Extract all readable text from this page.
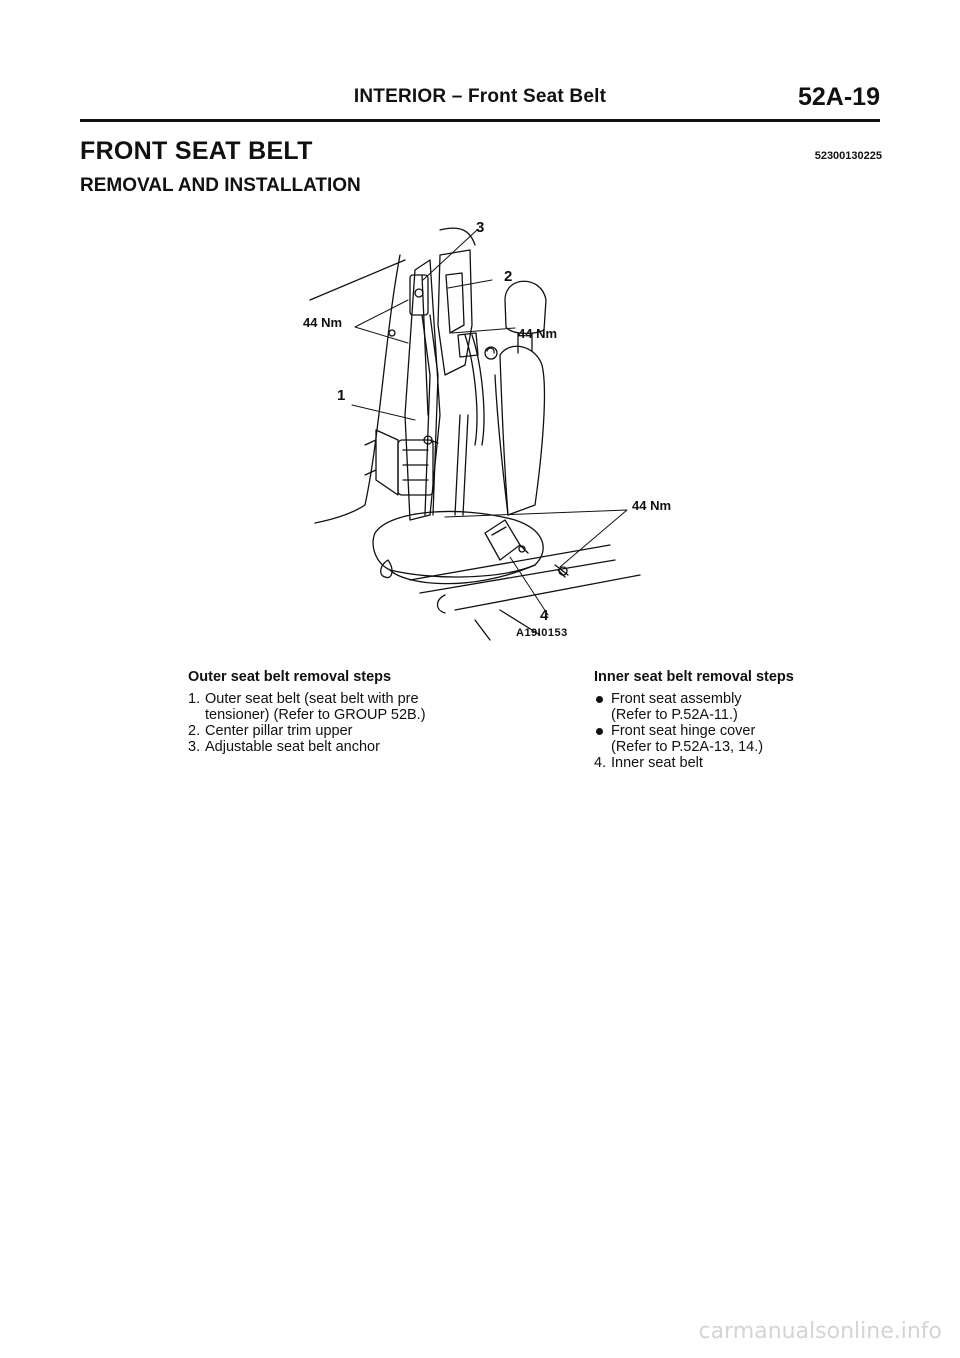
INTERIOR – Front Seat Belt	52A-19
FRONT SEAT BELT	52300130225
REMOVAL AND INSTALLATION
3
2
1
4
44 Nm
44 Nm
44 Nm
A19I0153
Outer seat belt removal steps
1. Outer seat belt (seat belt with pre
tensioner) (Refer to GROUP 52B.)
2. Center pillar trim upper
3. Adjustable seat belt anchor
Inner seat belt removal steps
Front seat assembly
(Refer to P.52A-11.)
Front seat hinge cover
(Refer to P.52A-13, 14.)
4. Inner seat belt
carmanualsonline.info
